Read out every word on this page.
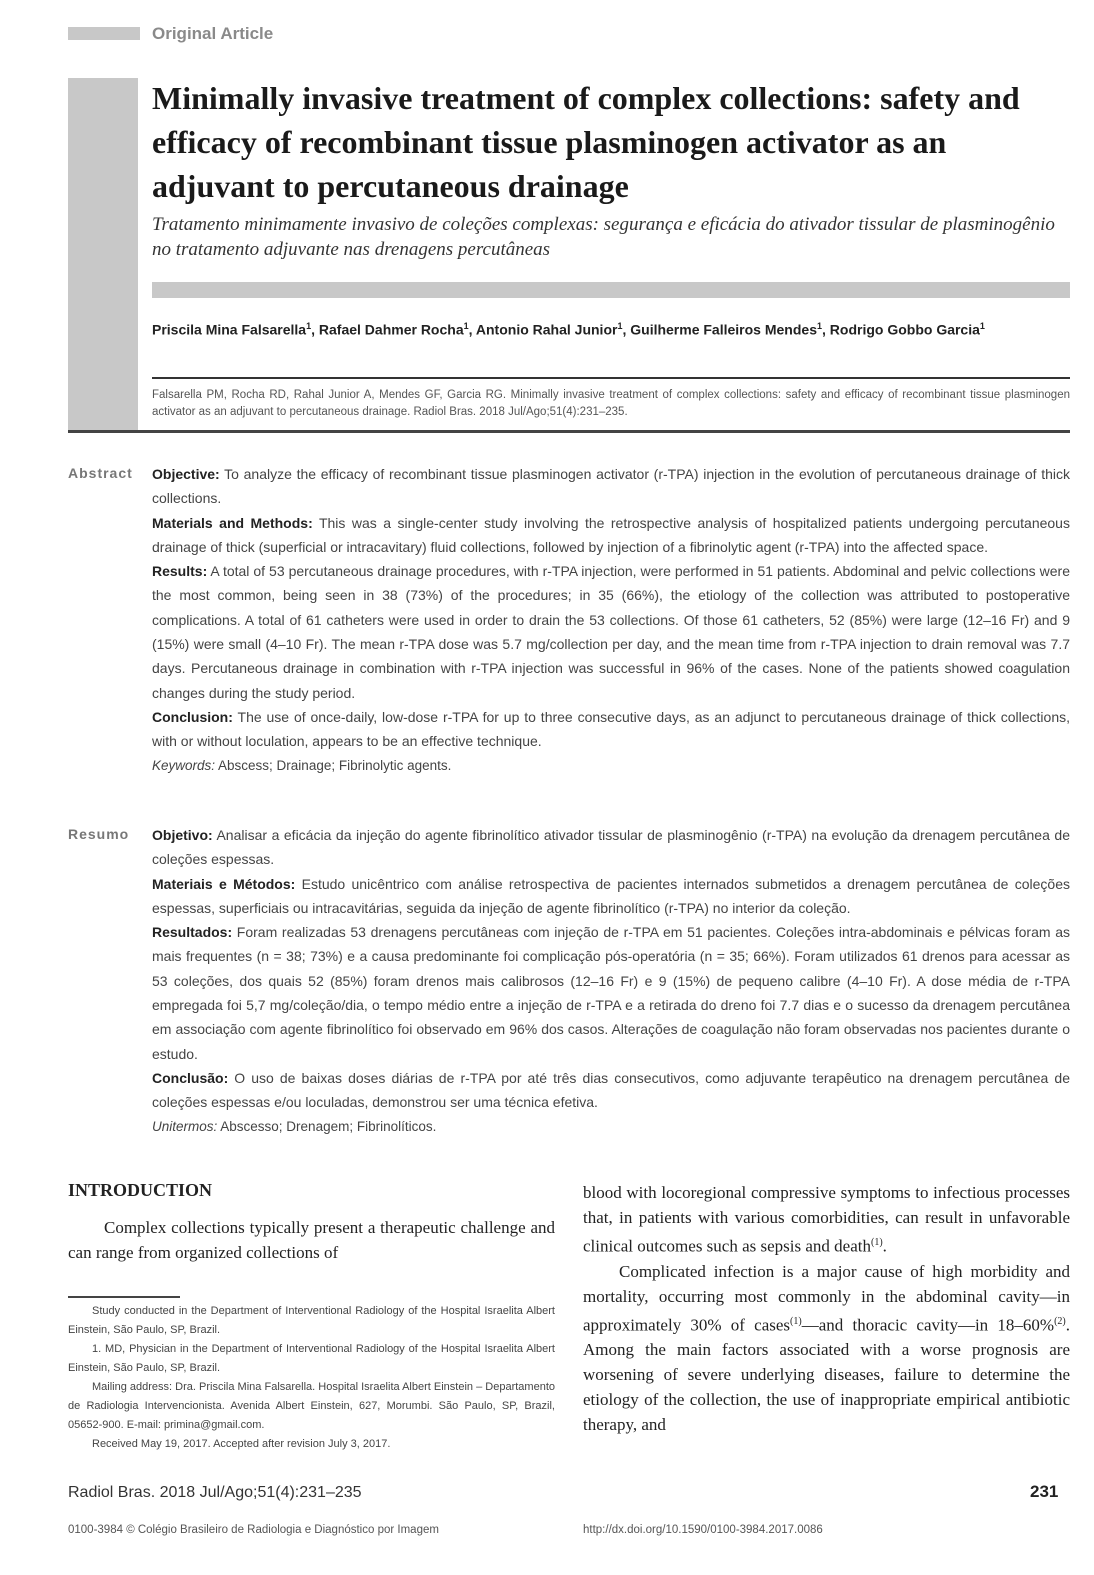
Original Article
Minimally invasive treatment of complex collections: safety and efficacy of recombinant tissue plasminogen activator as an adjuvant to percutaneous drainage
Tratamento minimamente invasivo de coleções complexas: segurança e eficácia do ativador tissular de plasminogênio no tratamento adjuvante nas drenagens percutâneas
Priscila Mina Falsarella$^1$, Rafael Dahmer Rocha$^1$, Antonio Rahal Junior$^1$, Guilherme Falleiros Mendes$^1$, Rodrigo Gobbo Garcia$^1$
Falsarella PM, Rocha RD, Rahal Junior A, Mendes GF, Garcia RG. Minimally invasive treatment of complex collections: safety and efficacy of recombinant tissue plasminogen activator as an adjuvant to percutaneous drainage. Radiol Bras. 2018 Jul/Ago;51(4):231–235.
Abstract Objective: To analyze the efficacy of recombinant tissue plasminogen activator (r-TPA) injection in the evolution of percutaneous drainage of thick collections.

Materials and Methods: This was a single-center study involving the retrospective analysis of hospitalized patients undergoing percutaneous drainage of thick (superficial or intracavitary) fluid collections, followed by injection of a fibrinolytic agent (r-TPA) into the affected space.

Results: A total of 53 percutaneous drainage procedures, with r-TPA injection, were performed in 51 patients. Abdominal and pelvic collections were the most common, being seen in 38 (73%) of the procedures; in 35 (66%), the etiology of the collection was attributed to postoperative complications. A total of 61 catheters were used in order to drain the 53 collections. Of those 61 catheters, 52 (85%) were large (12–16 Fr) and 9 (15%) were small (4–10 Fr). The mean r-TPA dose was 5.7 mg/collection per day, and the mean time from r-TPA injection to drain removal was 7.7 days. Percutaneous drainage in combination with r-TPA injection was successful in 96% of the cases. None of the patients showed coagulation changes during the study period.

Conclusion: The use of once-daily, low-dose r-TPA for up to three consecutive days, as an adjunct to percutaneous drainage of thick collections, with or without loculation, appears to be an effective technique.

Keywords: Abscess; Drainage; Fibrinolytic agents.

Resumo Objetivo: Analisar a eficácia da injeção do agente fibrinolítico ativador tissular de plasminogênio (r-TPA) na evolução da drenagem percutânea de coleções espessas.

Materiais e Métodos: Estudo unicêntrico com análise retrospectiva de pacientes internados submetidos a drenagem percutânea de coleções espessas, superficiais ou intracavitárias, seguida da injeção de agente fibrinolítico (r-TPA) no interior da coleção.

Resultados: Foram realizadas 53 drenagens percutâneas com injeção de r-TPA em 51 pacientes. Coleções intra-abdominais e pélvicas foram as mais frequentes (n = 38; 73%) e a causa predominante foi complicação pós-operatória (n = 35; 66%). Foram utilizados 61 drenos para acessar as 53 coleções, dos quais 52 (85%) foram drenos mais calibrosos (12–16 Fr) e 9 (15%) de pequeno calibre (4–10 Fr). A dose média de r-TPA empregada foi 5,7 mg/coleção/dia, o tempo médio entre a injeção de r-TPA e a retirada do dreno foi 7.7 dias e o sucesso da drenagem percutânea em associação com agente fibrinolítico foi observado em 96% dos casos. Alterações de coagulação não foram observadas nos pacientes durante o estudo.

Conclusão: O uso de baixas doses diárias de r-TPA por até três dias consecutivos, como adjuvante terapêutico na drenagem percutânea de coleções espessas e/ou loculadas, demonstrou ser uma técnica efetiva.

Unitermos: Abscesso; Drenagem; Fibrinolíticos.

INTRODUCTION
Complex collections typically present a therapeutic challenge and can range from organized collections of

blood with locoregional compressive symptoms to infectious processes that, in patients with various comorbidities, can result in unfavorable clinical outcomes such as sepsis and death$^{(1)}$.

Complicated infection is a major cause of high morbidity and mortality, occurring most commonly in the abdominal cavity—in approximately 30% of cases$^{(1)}$—and thoracic cavity—in 18–60%$^{(2)}$. Among the main factors associated with a worse prognosis are worsening of severe underlying diseases, failure to determine the etiology of the collection, the use of inappropriate empirical antibiotic therapy, and

Study conducted in the Department of Interventional Radiology of the Hospital Israelita Albert Einstein, São Paulo, SP, Brazil.

1. MD, Physician in the Department of Interventional Radiology of the Hospital Israelita Albert Einstein, São Paulo, SP, Brazil.

Mailing address: Dra. Priscila Mina Falsarella. Hospital Israelita Albert Einstein – Departamento de Radiologia Intervencionista. Avenida Albert Einstein, 627, Morumbi. São Paulo, SP, Brazil, 05652-900. E-mail: primina@gmail.com.

Received May 19, 2017. Accepted after revision July 3, 2017.

Radiol Bras. 2018 Jul/Ago;51(4):231–235	231
0100-3984 © Colégio Brasileiro de Radiologia e Diagnóstico por Imagem	http://dx.doi.org/10.1590/0100-3984.2017.0086
